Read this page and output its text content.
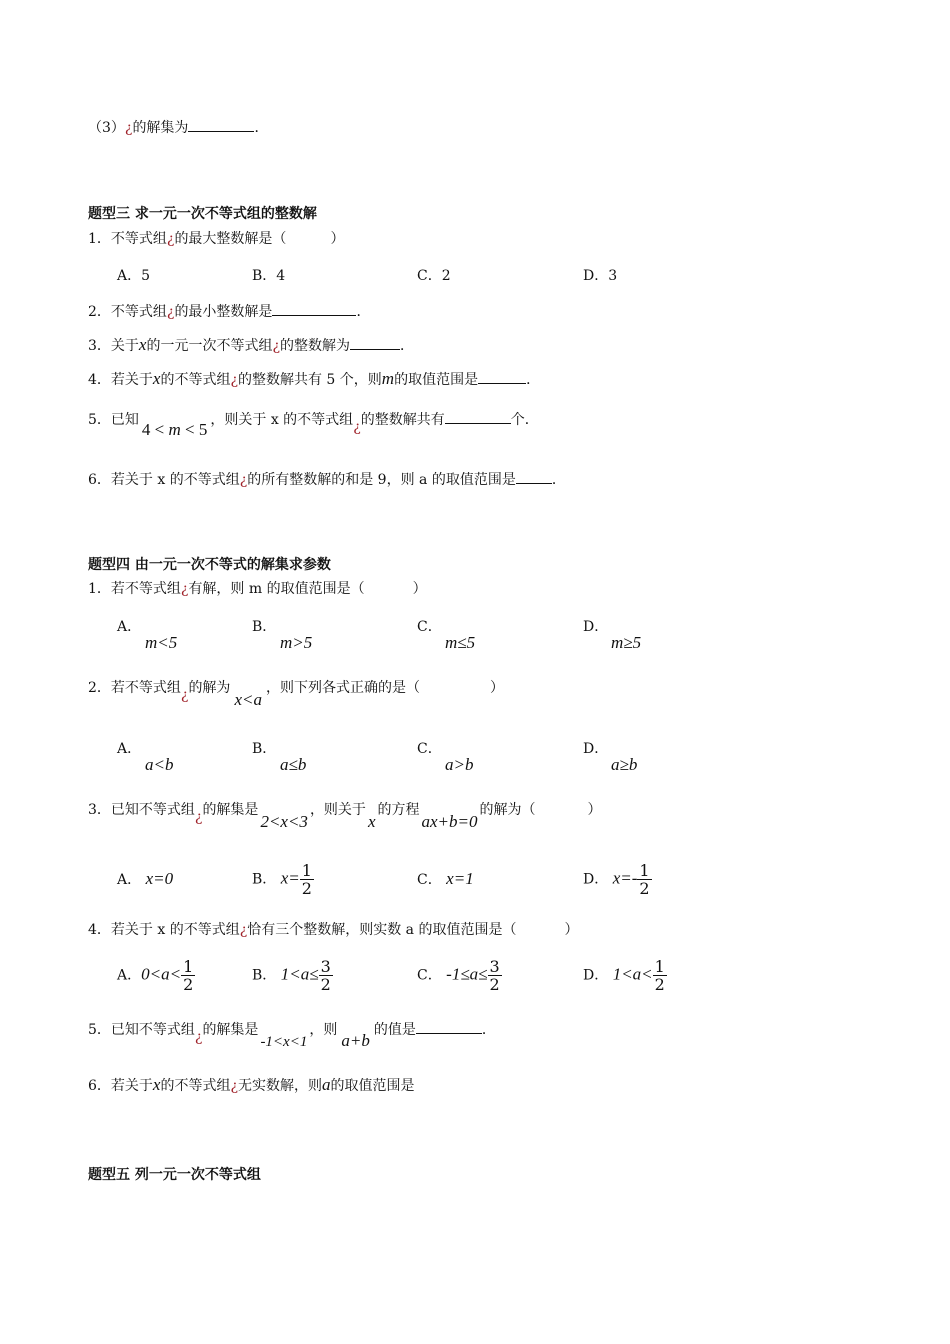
（3）¿的解集为	．
题型三 求一元一次不等式组的整数解
1．不等式组¿的最大整数解是（	）
A．5	B．4	C．2	D．3
2．不等式组¿的最小整数解是	．
3．关于x的一元一次不等式组¿的整数解为	．
4．若关于x的不等式组¿的整数解共有 5 个，则m的取值范围是	．
5．已知 4 < m < 5 ，则关于 x 的不等式组¿的整数解共有	个．
6．若关于 x 的不等式组¿的所有整数解的和是 9，则 a 的取值范围是	．
题型四 由一元一次不等式的解集求参数
1．若不等式组¿有解，则 m 的取值范围是（	）
A．
m<5
B．
m>5
C．
m≤5
D．
m≥5
2．若不等式组¿的解为x<a，则下列各式正确的是（	）
A．
a<b
B．
a≤b
C．
a>b
D．
a≥b
3．已知不等式组¿的解集是2<x<3，则关于x的方程ax+b=0的解为（	）
A． x=0	B． $x= \frac{1}{2}$	C． x=1	D． $x=- \frac{1}{2}$
4．若关于 x 的不等式组¿恰有三个整数解，则实数 a 的取值范围是（	）
A．$0<a< \frac{1}{2}$	B． $1<a\le \frac{3}{2}$	C． $-1\le a\le \frac{3}{2}$	D． $1<a< \frac{1}{2}$
5．已知不等式组¿的解集是-1<x<1，则a+b的值是	．
6．若关于x的不等式组¿无实数解，则a的取值范围是
题型五 列一元一次不等式组
